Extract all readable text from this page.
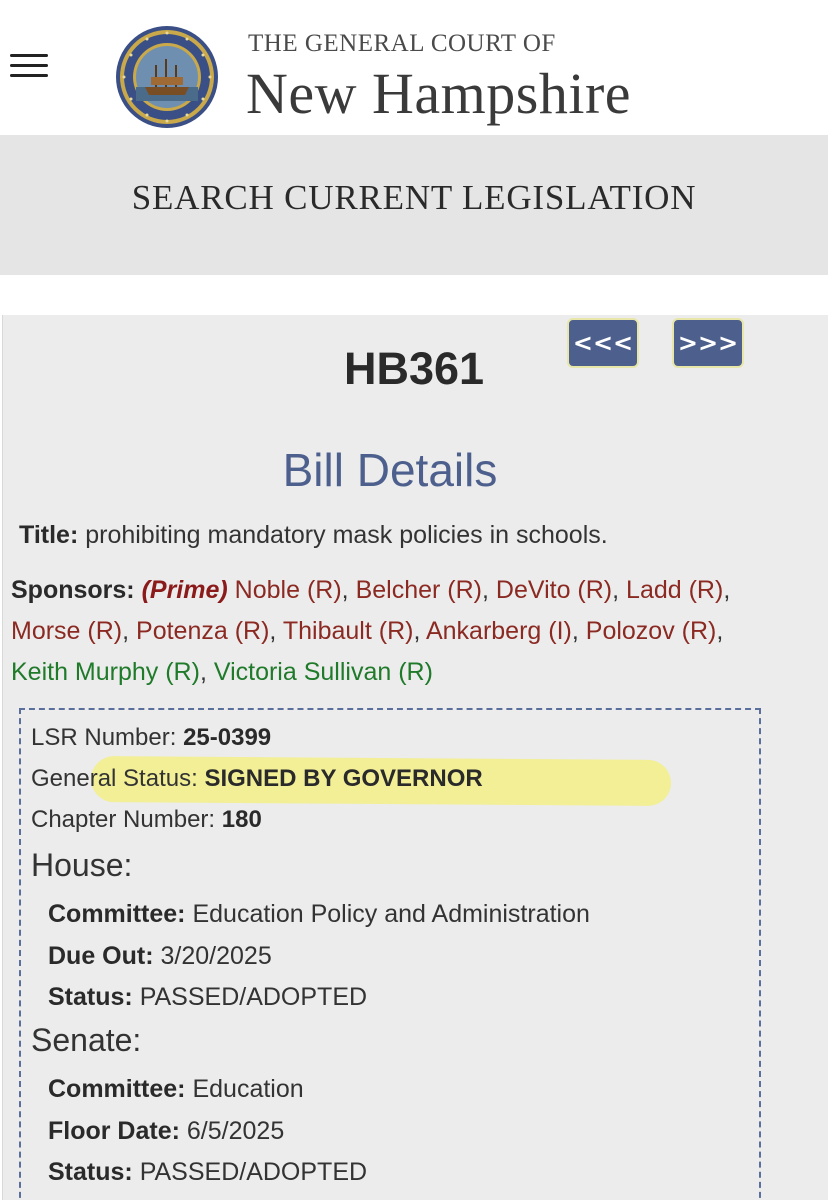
THE GENERAL COURT OF
New Hampshire
SEARCH CURRENT LEGISLATION
<<< >>>
HB361
Bill Details
Title: prohibiting mandatory mask policies in schools.
Sponsors: (Prime) Noble (R), Belcher (R), DeVito (R), Ladd (R), Morse (R), Potenza (R), Thibault (R), Ankarberg (I), Polozov (R), Keith Murphy (R), Victoria Sullivan (R)
LSR Number: 25-0399
General Status: SIGNED BY GOVERNOR
Chapter Number: 180
House:
Committee: Education Policy and Administration
Due Out: 3/20/2025
Status: PASSED/ADOPTED
Senate:
Committee: Education
Floor Date: 6/5/2025
Status: PASSED/ADOPTED
